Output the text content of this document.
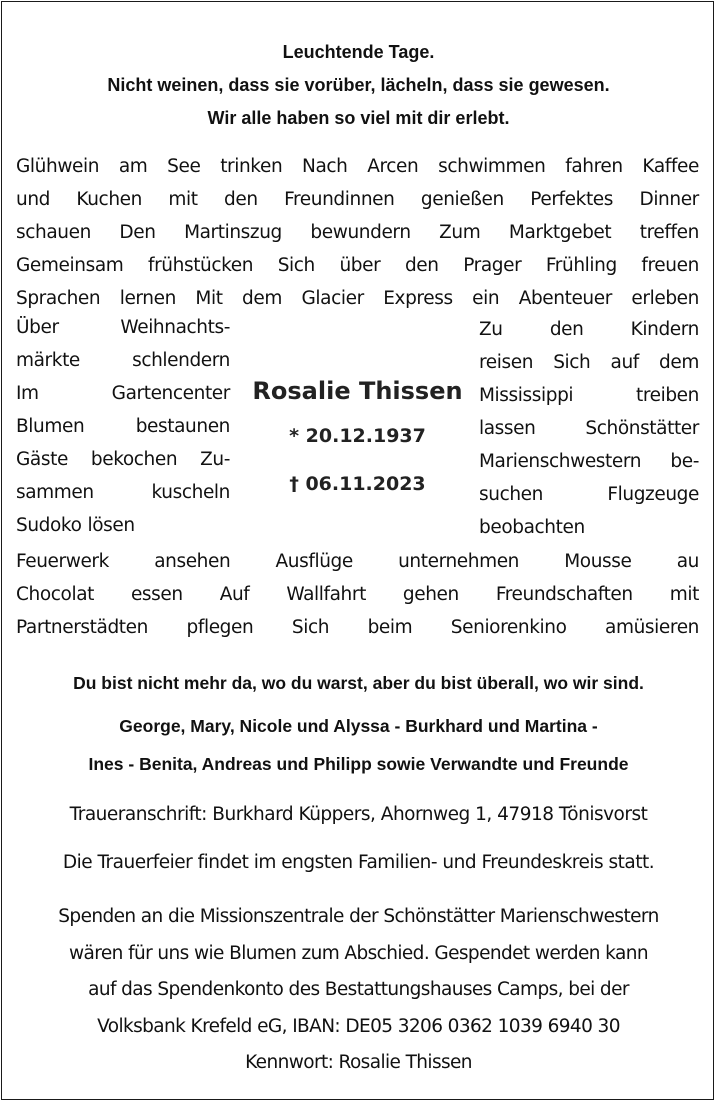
Leuchtende Tage.
Nicht weinen, dass sie vorüber, lächeln, dass sie gewesen.
Wir alle haben so viel mit dir erlebt.
Glühwein am See trinken Nach Arcen schwimmen fahren Kaffee
und Kuchen mit den Freundinnen genießen Perfektes Dinner
schauen Den Martinszug bewundern Zum Marktgebet treffen
Gemeinsam frühstücken Sich über den Prager Frühling freuen
Sprachen lernen Mit dem Glacier Express ein Abenteuer erleben
Über	Weihnachts-
märkte	schlendern
Im	Gartencenter
Blumen	bestaunen
Gäste bekochen Zu-
sammen	kuscheln
Sudoko lösen
Rosalie Thissen
* 20.12.1937
† 06.11.2023
Zu	den	Kindern
reisen Sich auf dem
Mississippi	treiben
lassen	Schönstätter
Marienschwestern be-
suchen	Flugzeuge
beobachten
Feuerwerk ansehen Ausflüge unternehmen Mousse au
Chocolat essen Auf Wallfahrt gehen Freundschaften mit
Partnerstädten pflegen Sich beim Seniorenkino amüsieren
Du bist nicht mehr da, wo du warst, aber du bist überall, wo wir sind.
George, Mary, Nicole und Alyssa - Burkhard und Martina -
Ines - Benita, Andreas und Philipp sowie Verwandte und Freunde
Traueranschrift: Burkhard Küppers, Ahornweg 1, 47918 Tönisvorst
Die Trauerfeier findet im engsten Familien- und Freundeskreis statt.
Spenden an die Missionszentrale der Schönstätter Marienschwestern
wären für uns wie Blumen zum Abschied. Gespendet werden kann
auf das Spendenkonto des Bestattungshauses Camps, bei der
Volksbank Krefeld eG, IBAN: DE05 3206 0362 1039 6940 30
Kennwort: Rosalie Thissen
